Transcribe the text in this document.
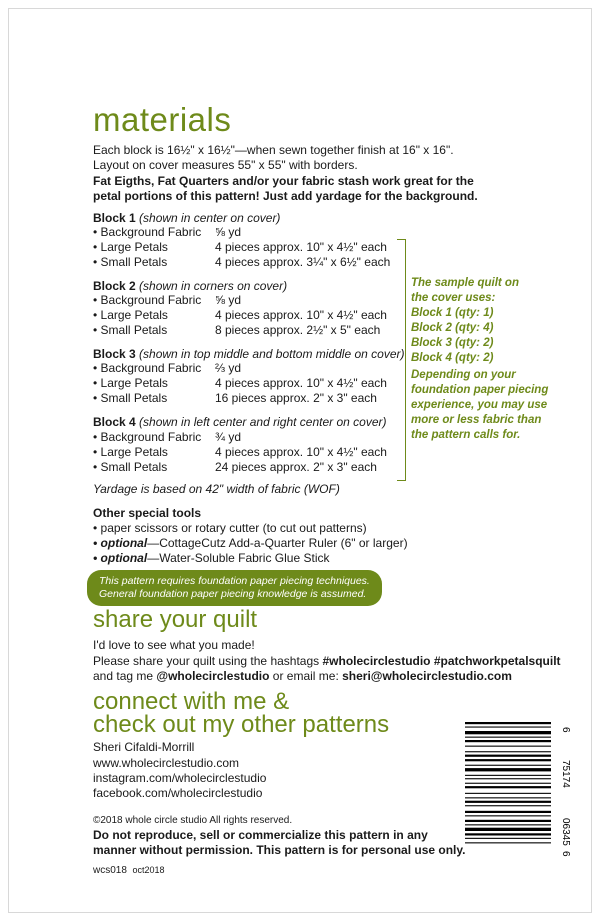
materials
Each block is 16½" x 16½"—when sewn together finish at 16" x 16".
Layout on cover measures 55" x 55" with borders.
Fat Eigths, Fat Quarters and/or your fabric stash work great for the
petal portions of this pattern! Just add yardage for the background.
Block 1 (shown in center on cover)
• Background Fabric ⅝ yd
• Large Petals	4 pieces approx. 10" x 4½" each
• Small Petals	4 pieces approx. 3¼" x 6½" each
Block 2 (shown in corners on cover)
• Background Fabric ⅝ yd
• Large Petals	4 pieces approx. 10" x 4½" each
• Small Petals	8 pieces approx. 2½" x 5" each
Block 3 (shown in top middle and bottom middle on cover)
• Background Fabric ⅔ yd
• Large Petals	4 pieces approx. 10" x 4½" each
• Small Petals	16 pieces approx. 2" x 3" each
Block 4 (shown in left center and right center on cover)
• Background Fabric ¾ yd
• Large Petals	4 pieces approx. 10" x 4½" each
• Small Petals	24 pieces approx. 2" x 3" each
Yardage is based on 42" width of fabric (WOF)
The sample quilt on
the cover uses:
Block 1 (qty: 1)
Block 2 (qty: 4)
Block 3 (qty: 2)
Block 4 (qty: 2)
Depending on your
foundation paper piecing
experience, you may use
more or less fabric than
the pattern calls for.
Other special tools
• paper scissors or rotary cutter (to cut out patterns)
• optional—CottageCutz Add-a-Quarter Ruler (6" or larger)
• optional—Water-Soluble Fabric Glue Stick
This pattern requires foundation paper piecing techniques.
General foundation paper piecing knowledge is assumed.
share your quilt
I'd love to see what you made!
Please share your quilt using the hashtags #wholecirclestudio #patchworkpetalsquilt
and tag me @wholecirclestudio or email me: sheri@wholecirclestudio.com
connect with me &
check out my other patterns
Sheri Cifaldi-Morrill
www.wholecirclestudio.com
instagram.com/wholecirclestudio
facebook.com/wholecirclestudio
©2018 whole circle studio All rights reserved.
Do not reproduce, sell or commercialize this pattern in any
manner without permission. This pattern is for personal use only.
wcs018 oct2018
6
06345
75174
6
